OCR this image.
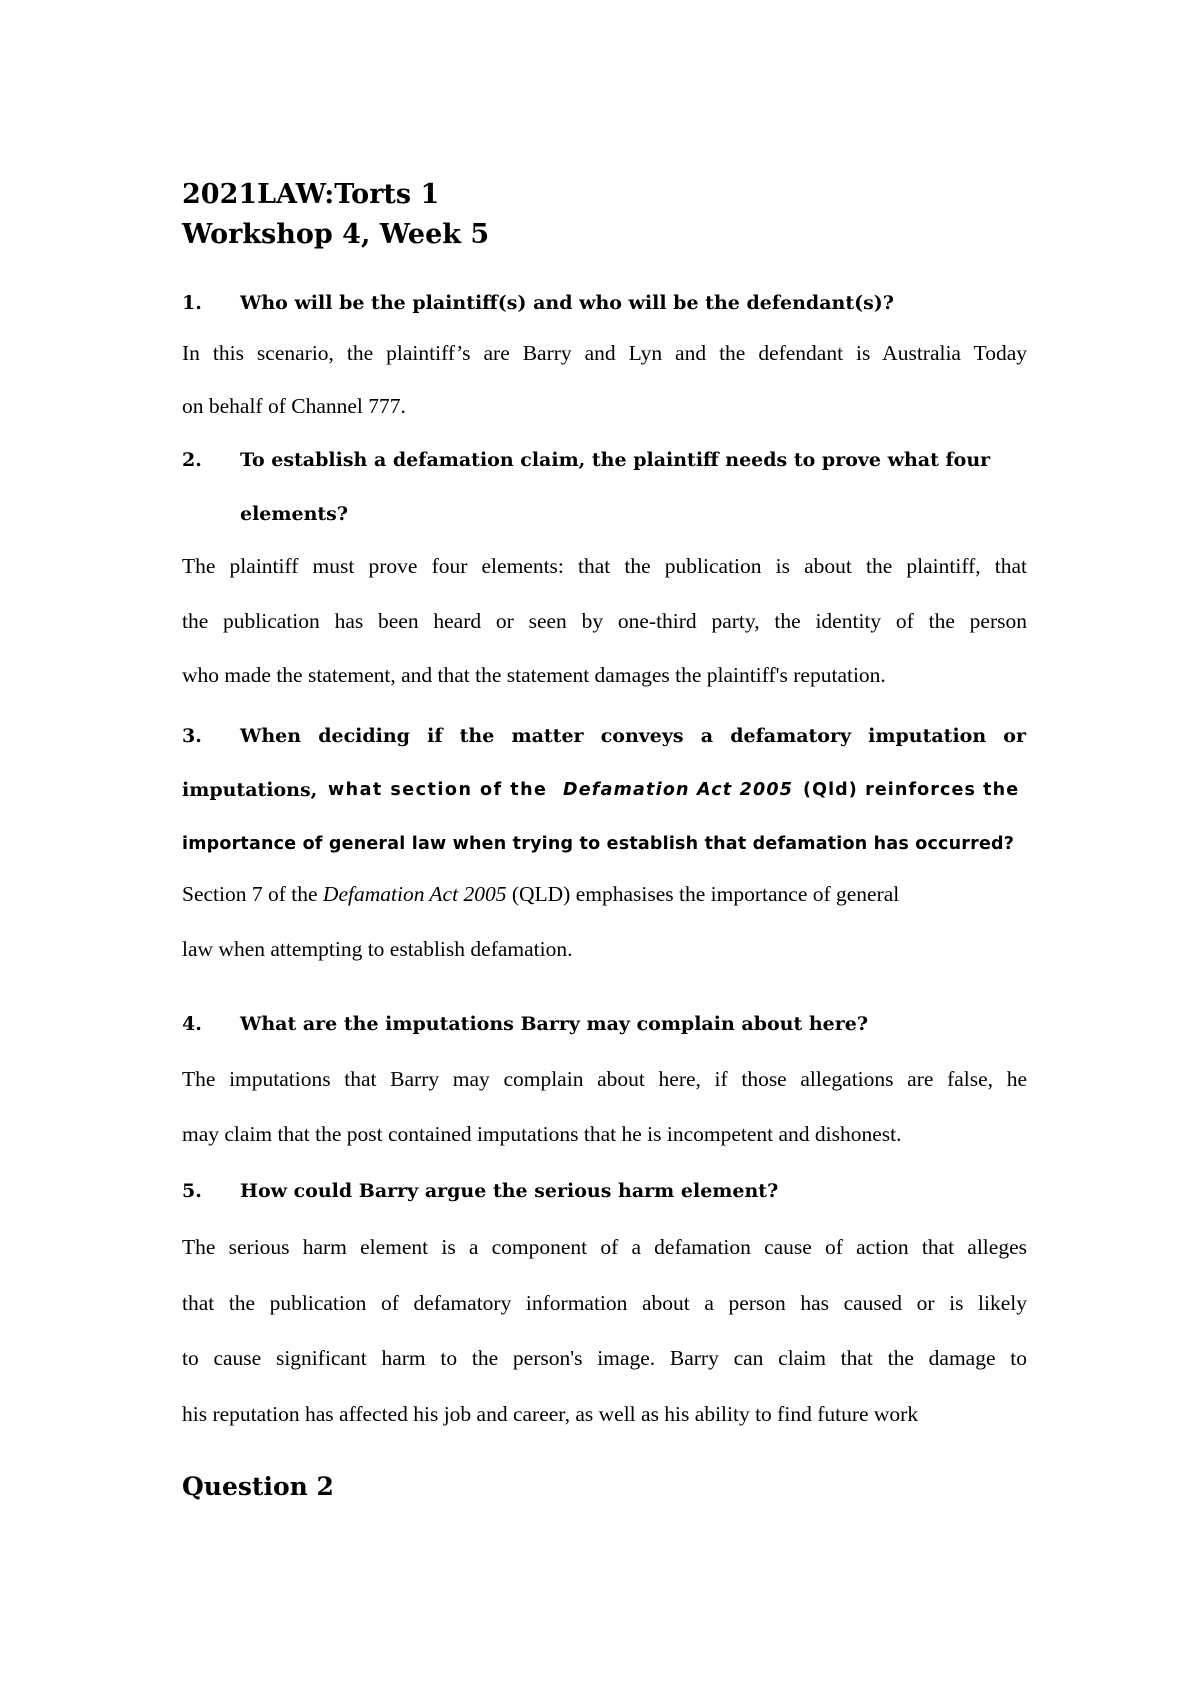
2021LAW:Torts 1
Workshop 4, Week 5
1. Who will be the plaintiff(s) and who will be the defendant(s)?
In this scenario, the plaintiff’s are Barry and Lyn and the defendant is Australia Today
on behalf of Channel 777.
2. To establish a defamation claim, the plaintiff needs to prove what four
elements?
The plaintiff must prove four elements: that the publication is about the plaintiff, that
the publication has been heard or seen by one-third party, the identity of the person
who made the statement, and that the statement damages the plaintiff's reputation.
3. When deciding if the matter conveys a defamatory imputation or
imputations, what section of the Defamation Act 2005 (Qld) reinforces the
importance of general law when trying to establish that defamation has occurred?
Section 7 of the Defamation Act 2005 (QLD) emphasises the importance of general
law when attempting to establish defamation.
4. What are the imputations Barry may complain about here?
The imputations that Barry may complain about here, if those allegations are false, he
may claim that the post contained imputations that he is incompetent and dishonest.
5. How could Barry argue the serious harm element?
The serious harm element is a component of a defamation cause of action that alleges
that the publication of defamatory information about a person has caused or is likely
to cause significant harm to the person's image. Barry can claim that the damage to
his reputation has affected his job and career, as well as his ability to find future work
Question 2
